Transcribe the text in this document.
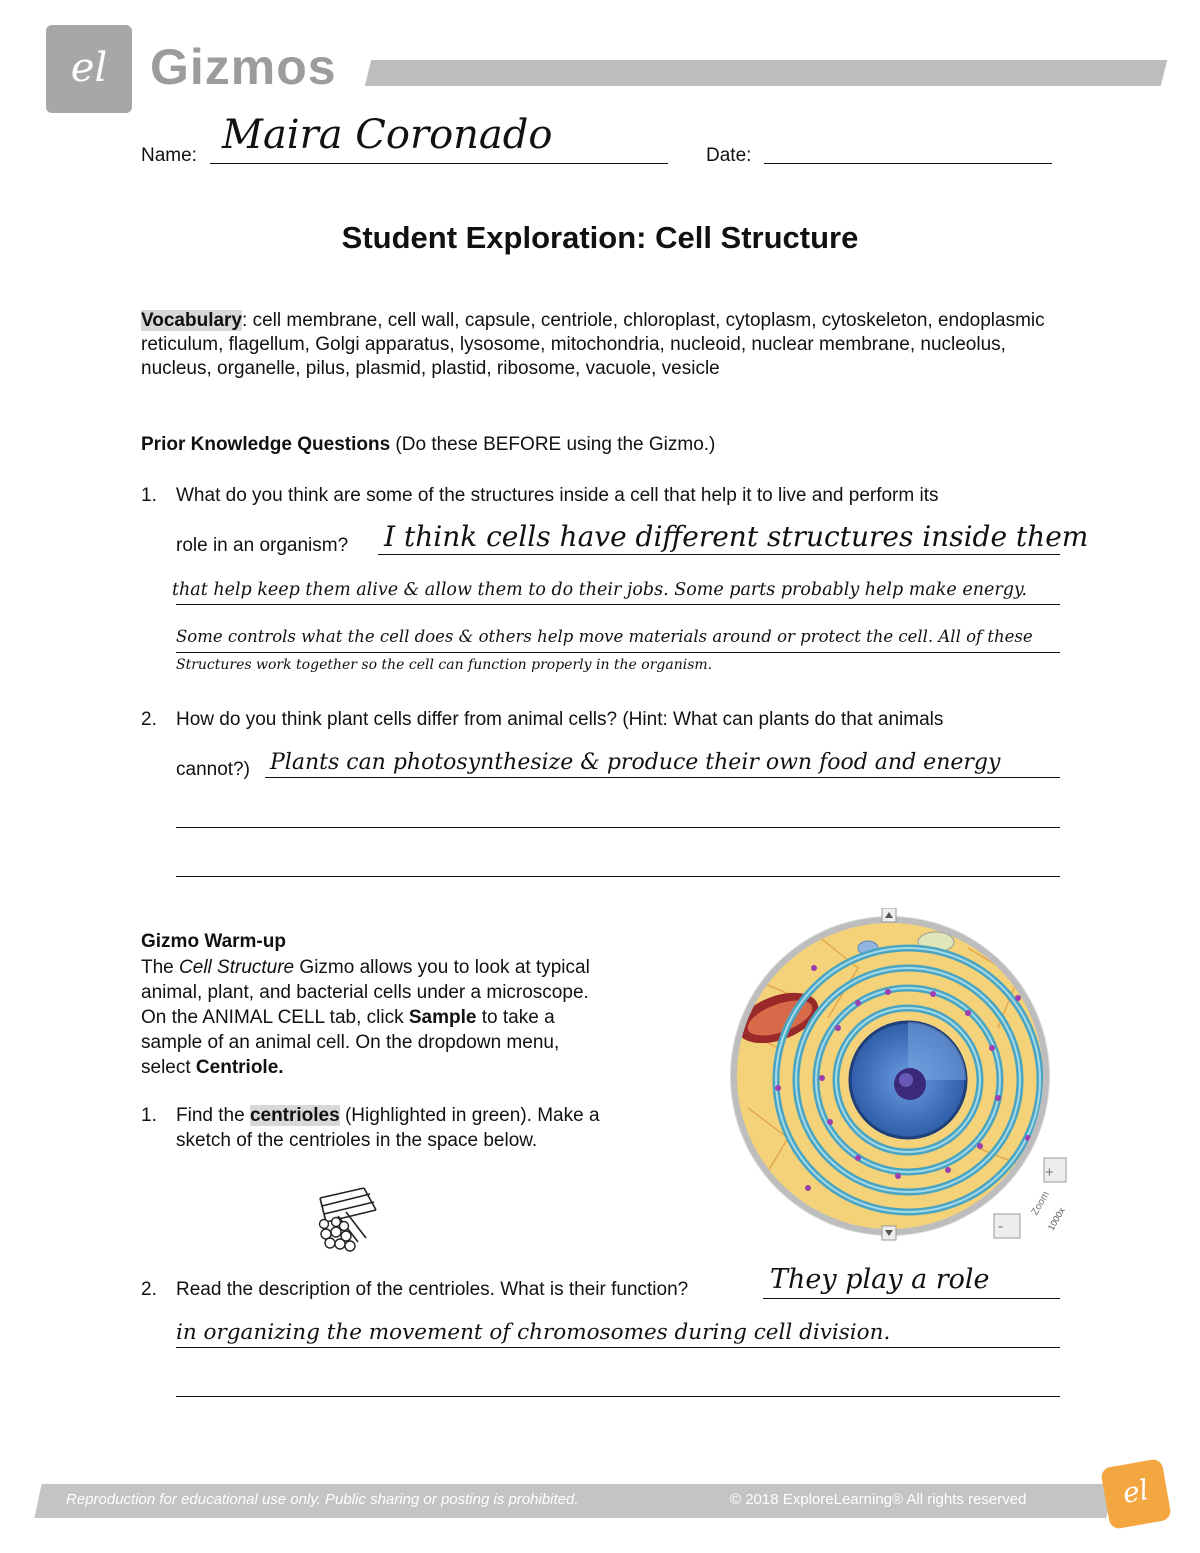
el Gizmos
Name: Maira Coronado	Date:
Student Exploration: Cell Structure
Vocabulary: cell membrane, cell wall, capsule, centriole, chloroplast, cytoplasm, cytoskeleton, endoplasmic reticulum, flagellum, Golgi apparatus, lysosome, mitochondria, nucleoid, nuclear membrane, nucleolus, nucleus, organelle, pilus, plasmid, plastid, ribosome, vacuole, vesicle
Prior Knowledge Questions (Do these BEFORE using the Gizmo.)
1. What do you think are some of the structures inside a cell that help it to live and perform its
role in an organism? I think cells have different structures inside them
that help keep them alive & allow them to do their jobs. Some parts probably help make energy.
Some controls what the cell does & others help move materials around or protect the cell. All of these
Structures work together so the cell can function properly in the organism.
2. How do you think plant cells differ from animal cells? (Hint: What can plants do that animals
cannot?) Plants can photosynthesize & produce their own food and energy
Gizmo Warm-up
The Cell Structure Gizmo allows you to look at typical
animal, plant, and bacterial cells under a microscope.
On the ANIMAL CELL tab, click Sample to take a
sample of an animal cell. On the dropdown menu,
select Centriole.
1. Find the centrioles (Highlighted in green). Make a
sketch of the centrioles in the space below.
+
-
Zoom
1000x
2. Read the description of the centrioles. What is their function?	They play a role
in organizing the movement of chromosomes during cell division.
Reproduction for educational use only. Public sharing or posting is prohibited.	© 2018 ExploreLearning® All rights reserved	el
